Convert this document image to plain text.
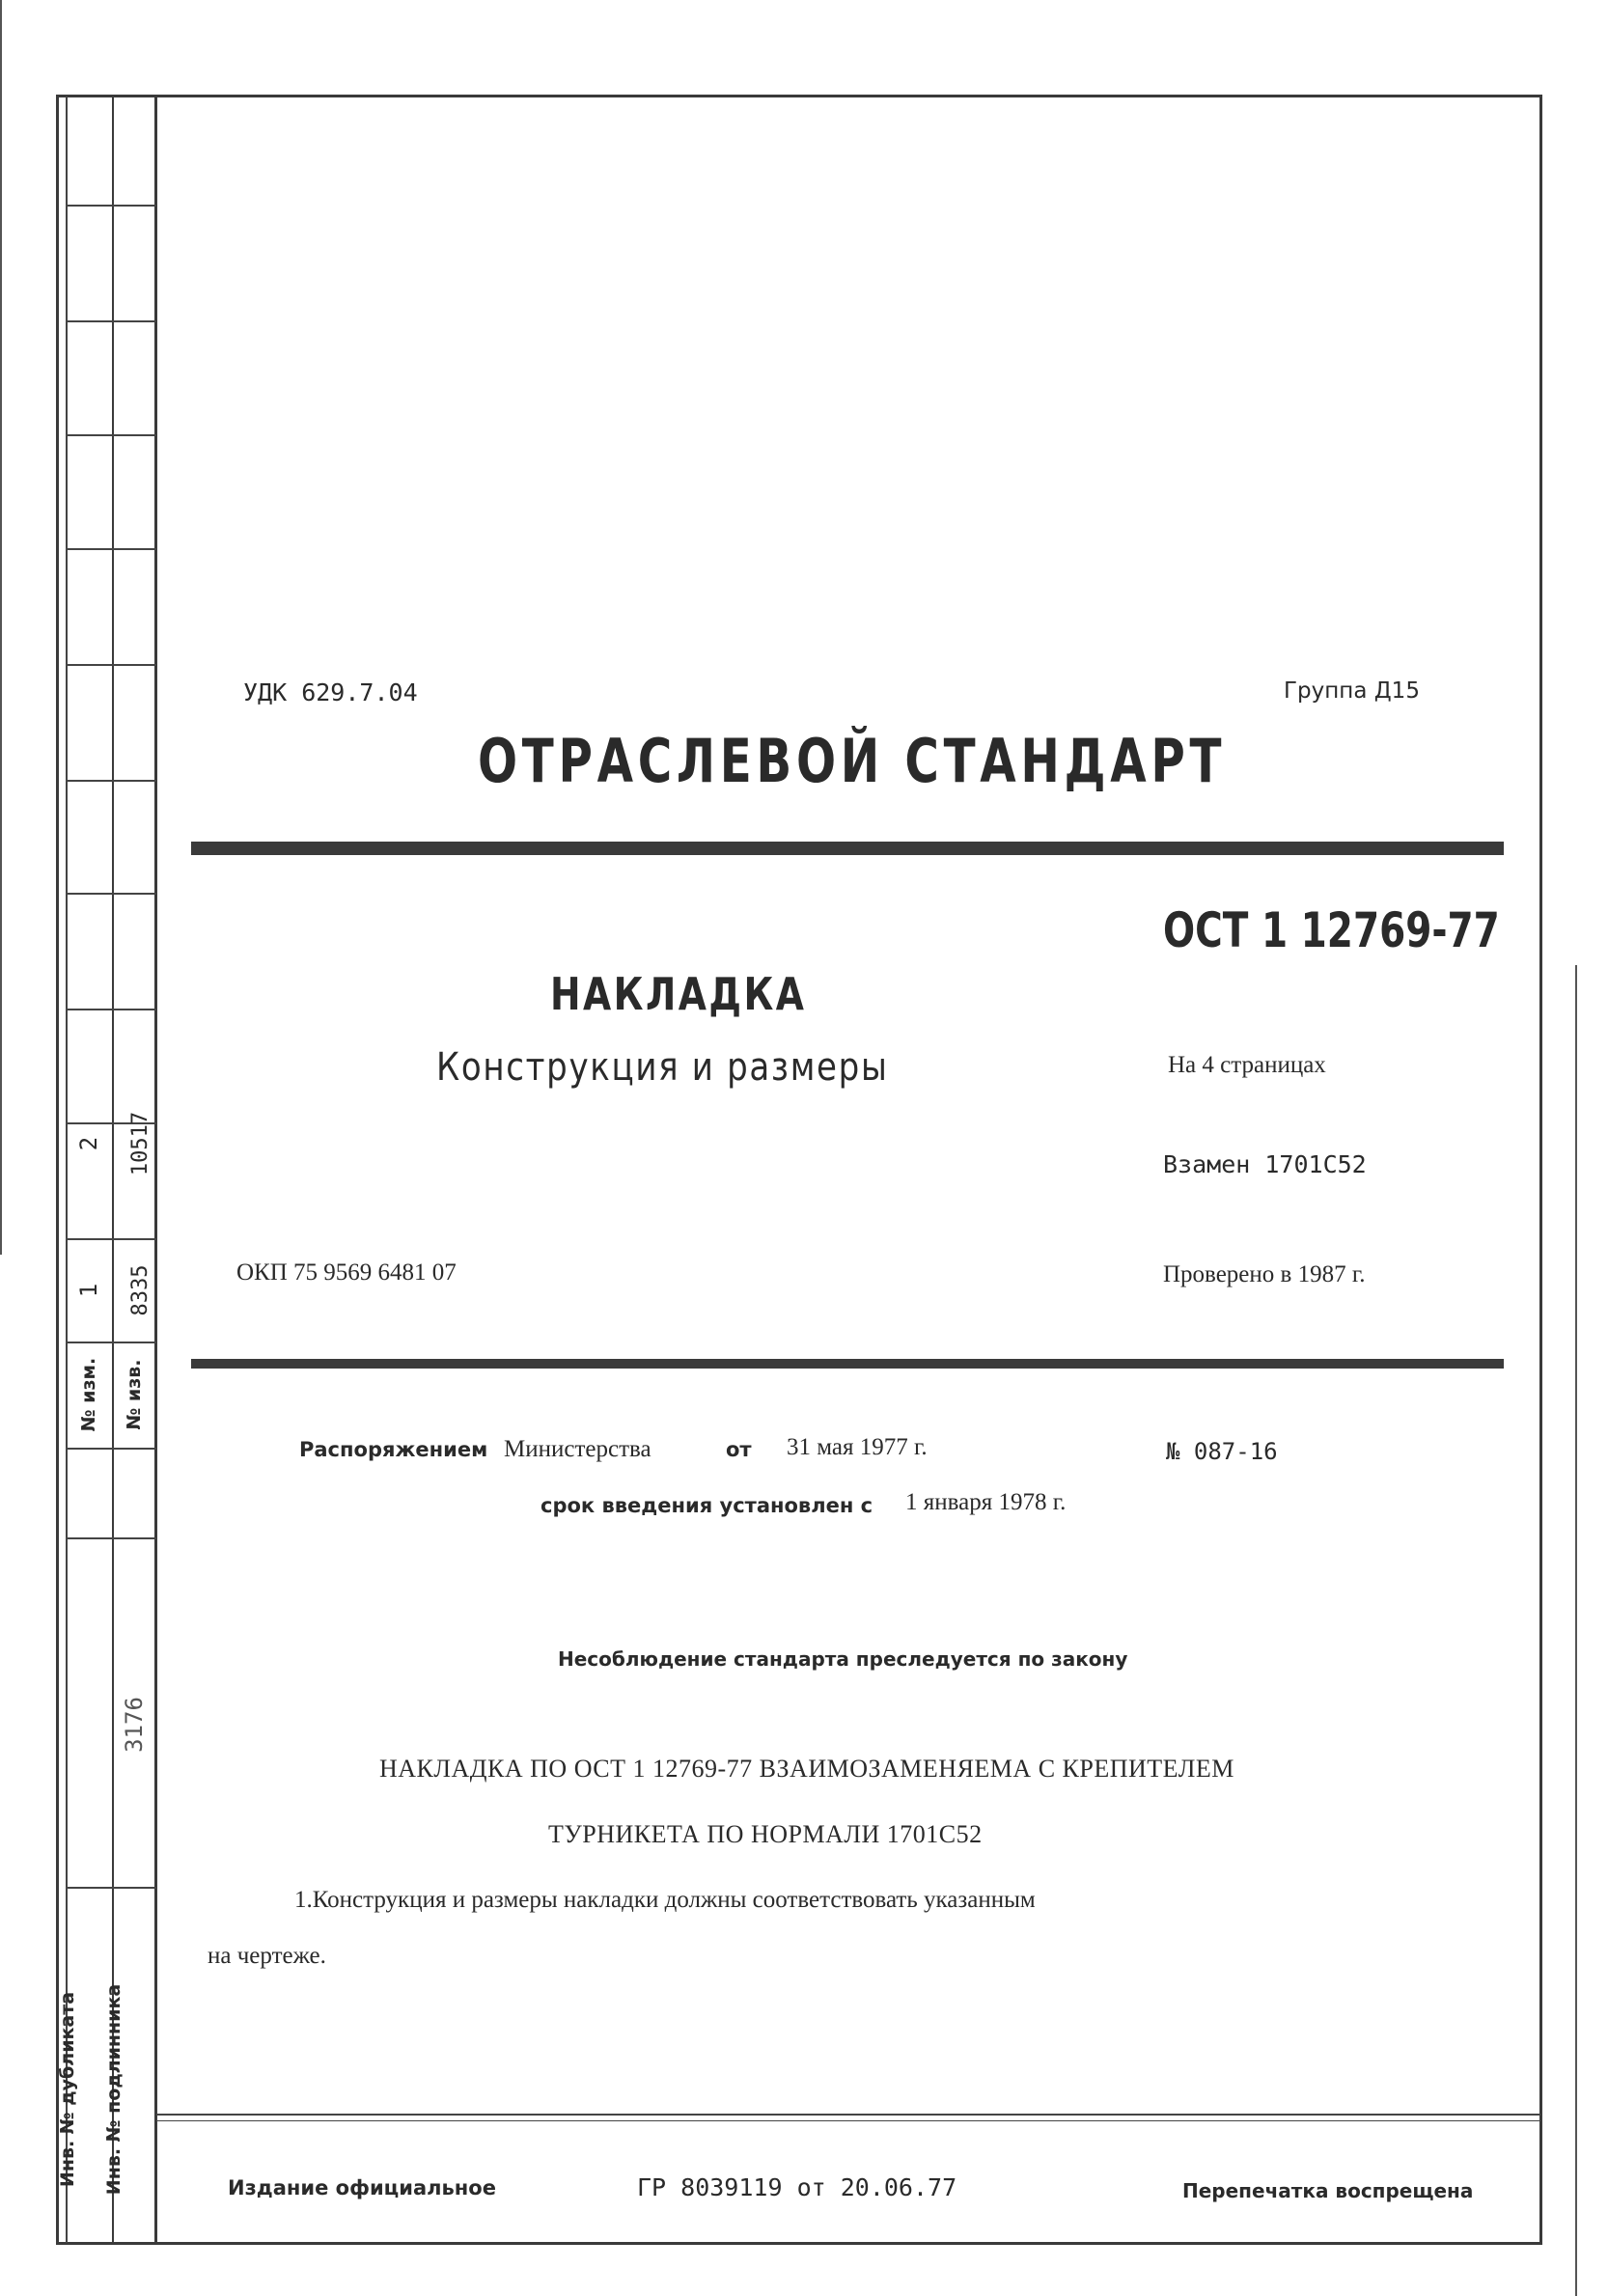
2 10517
1 8335
№ изм. № изв.
3176
Инв. № дубликата Инв. № подлинника
УДК 629.7.04	Группа Д15
ОТРАСЛЕВОЙ СТАНДАРТ
ОСТ 1 12769-77
НАКЛАДКА
Конструкция и размеры	На 4 страницах
Взамен 1701С52
ОКП 75 9569 6481 07	Проверено в 1987 г.
Распоряжением Министерства	от 31 мая 1977 г.	№ 087-16
срок введения установлен с 1 января 1978 г.
Несоблюдение стандарта преследуется по закону
НАКЛАДКА ПО ОСТ 1 12769-77 ВЗАИМОЗАМЕНЯЕМА С КРЕПИТЕЛЕМ
ТУРНИКЕТА ПО НОРМАЛИ 1701С52
1.Конструкция и размеры накладки должны соответствовать указанным
на чертеже.
Издание официальное	ГР 8039119 от 20.06.77	Перепечатка воспрещена
